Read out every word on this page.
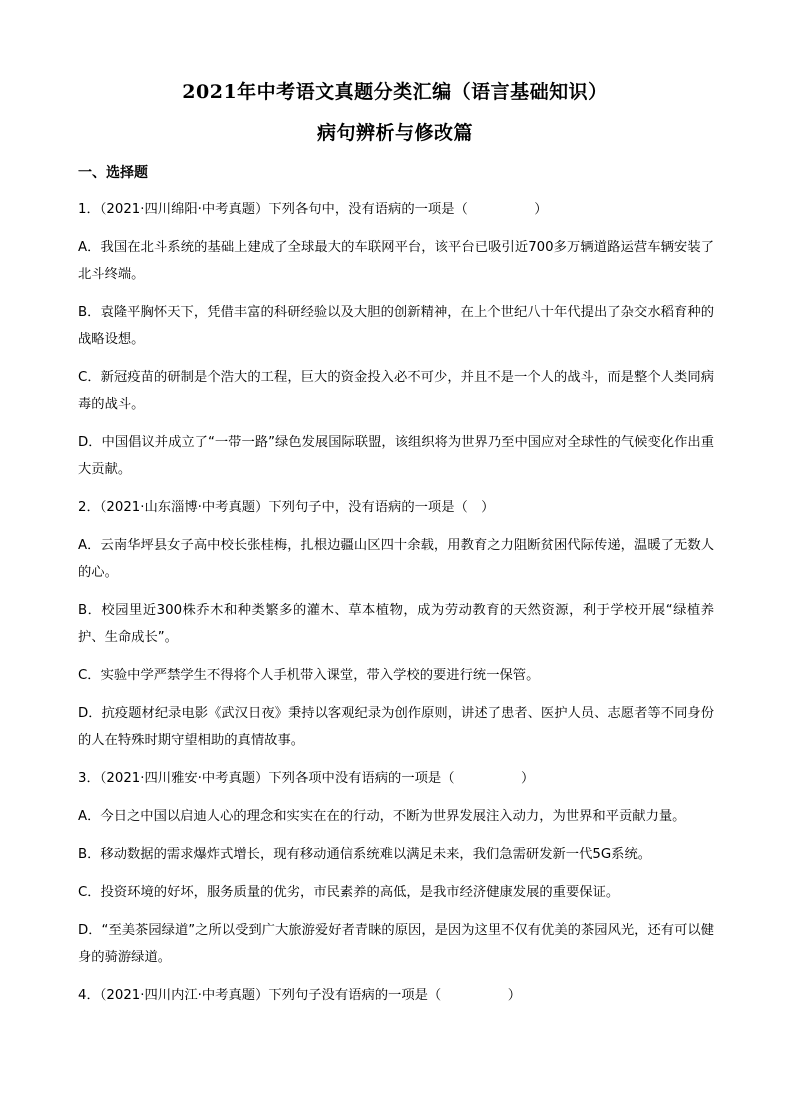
2021年中考语文真题分类汇编（语言基础知识）
病句辨析与修改篇
一、选择题

1．（2021·四川绵阳·中考真题）下列各句中，没有语病的一项是（　　　　　）

A．我国在北斗系统的基础上建成了全球最大的车联网平台，该平台已吸引近700多万辆道路运营车辆安装了北斗终端。

B．袁隆平胸怀天下，凭借丰富的科研经验以及大胆的创新精神，在上个世纪八十年代提出了杂交水稻育种的战略设想。

C．新冠疫苗的研制是个浩大的工程，巨大的资金投入必不可少，并且不是一个人的战斗，而是整个人类同病毒的战斗。

D．中国倡议并成立了“一带一路”绿色发展国际联盟，该组织将为世界乃至中国应对全球性的气候变化作出重大贡献。

2．（2021·山东淄博·中考真题）下列句子中，没有语病的一项是（　）

A．云南华坪县女子高中校长张桂梅，扎根边疆山区四十余载，用教育之力阻断贫困代际传递，温暖了无数人的心。

B．校园里近300株乔木和种类繁多的灌木、草本植物，成为劳动教育的天然资源，利于学校开展“绿植养护、生命成长”。

C．实验中学严禁学生不得将个人手机带入课堂，带入学校的要进行统一保管。

D．抗疫题材纪录电影《武汉日夜》秉持以客观纪录为创作原则，讲述了患者、医护人员、志愿者等不同身份的人在特殊时期守望相助的真情故事。

3．（2021·四川雅安·中考真题）下列各项中没有语病的一项是（　　　　　）

A．今日之中国以启迪人心的理念和实实在在的行动，不断为世界发展注入动力，为世界和平贡献力量。

B．移动数据的需求爆炸式增长，现有移动通信系统难以满足未来，我们急需研发新一代5G系统。

C．投资环境的好坏，服务质量的优劣，市民素养的高低，是我市经济健康发展的重要保证。

D．“至美茶园绿道”之所以受到广大旅游爱好者青睐的原因，是因为这里不仅有优美的茶园风光，还有可以健身的骑游绿道。

4．（2021·四川内江·中考真题）下列句子没有语病的一项是（　　　　　）
